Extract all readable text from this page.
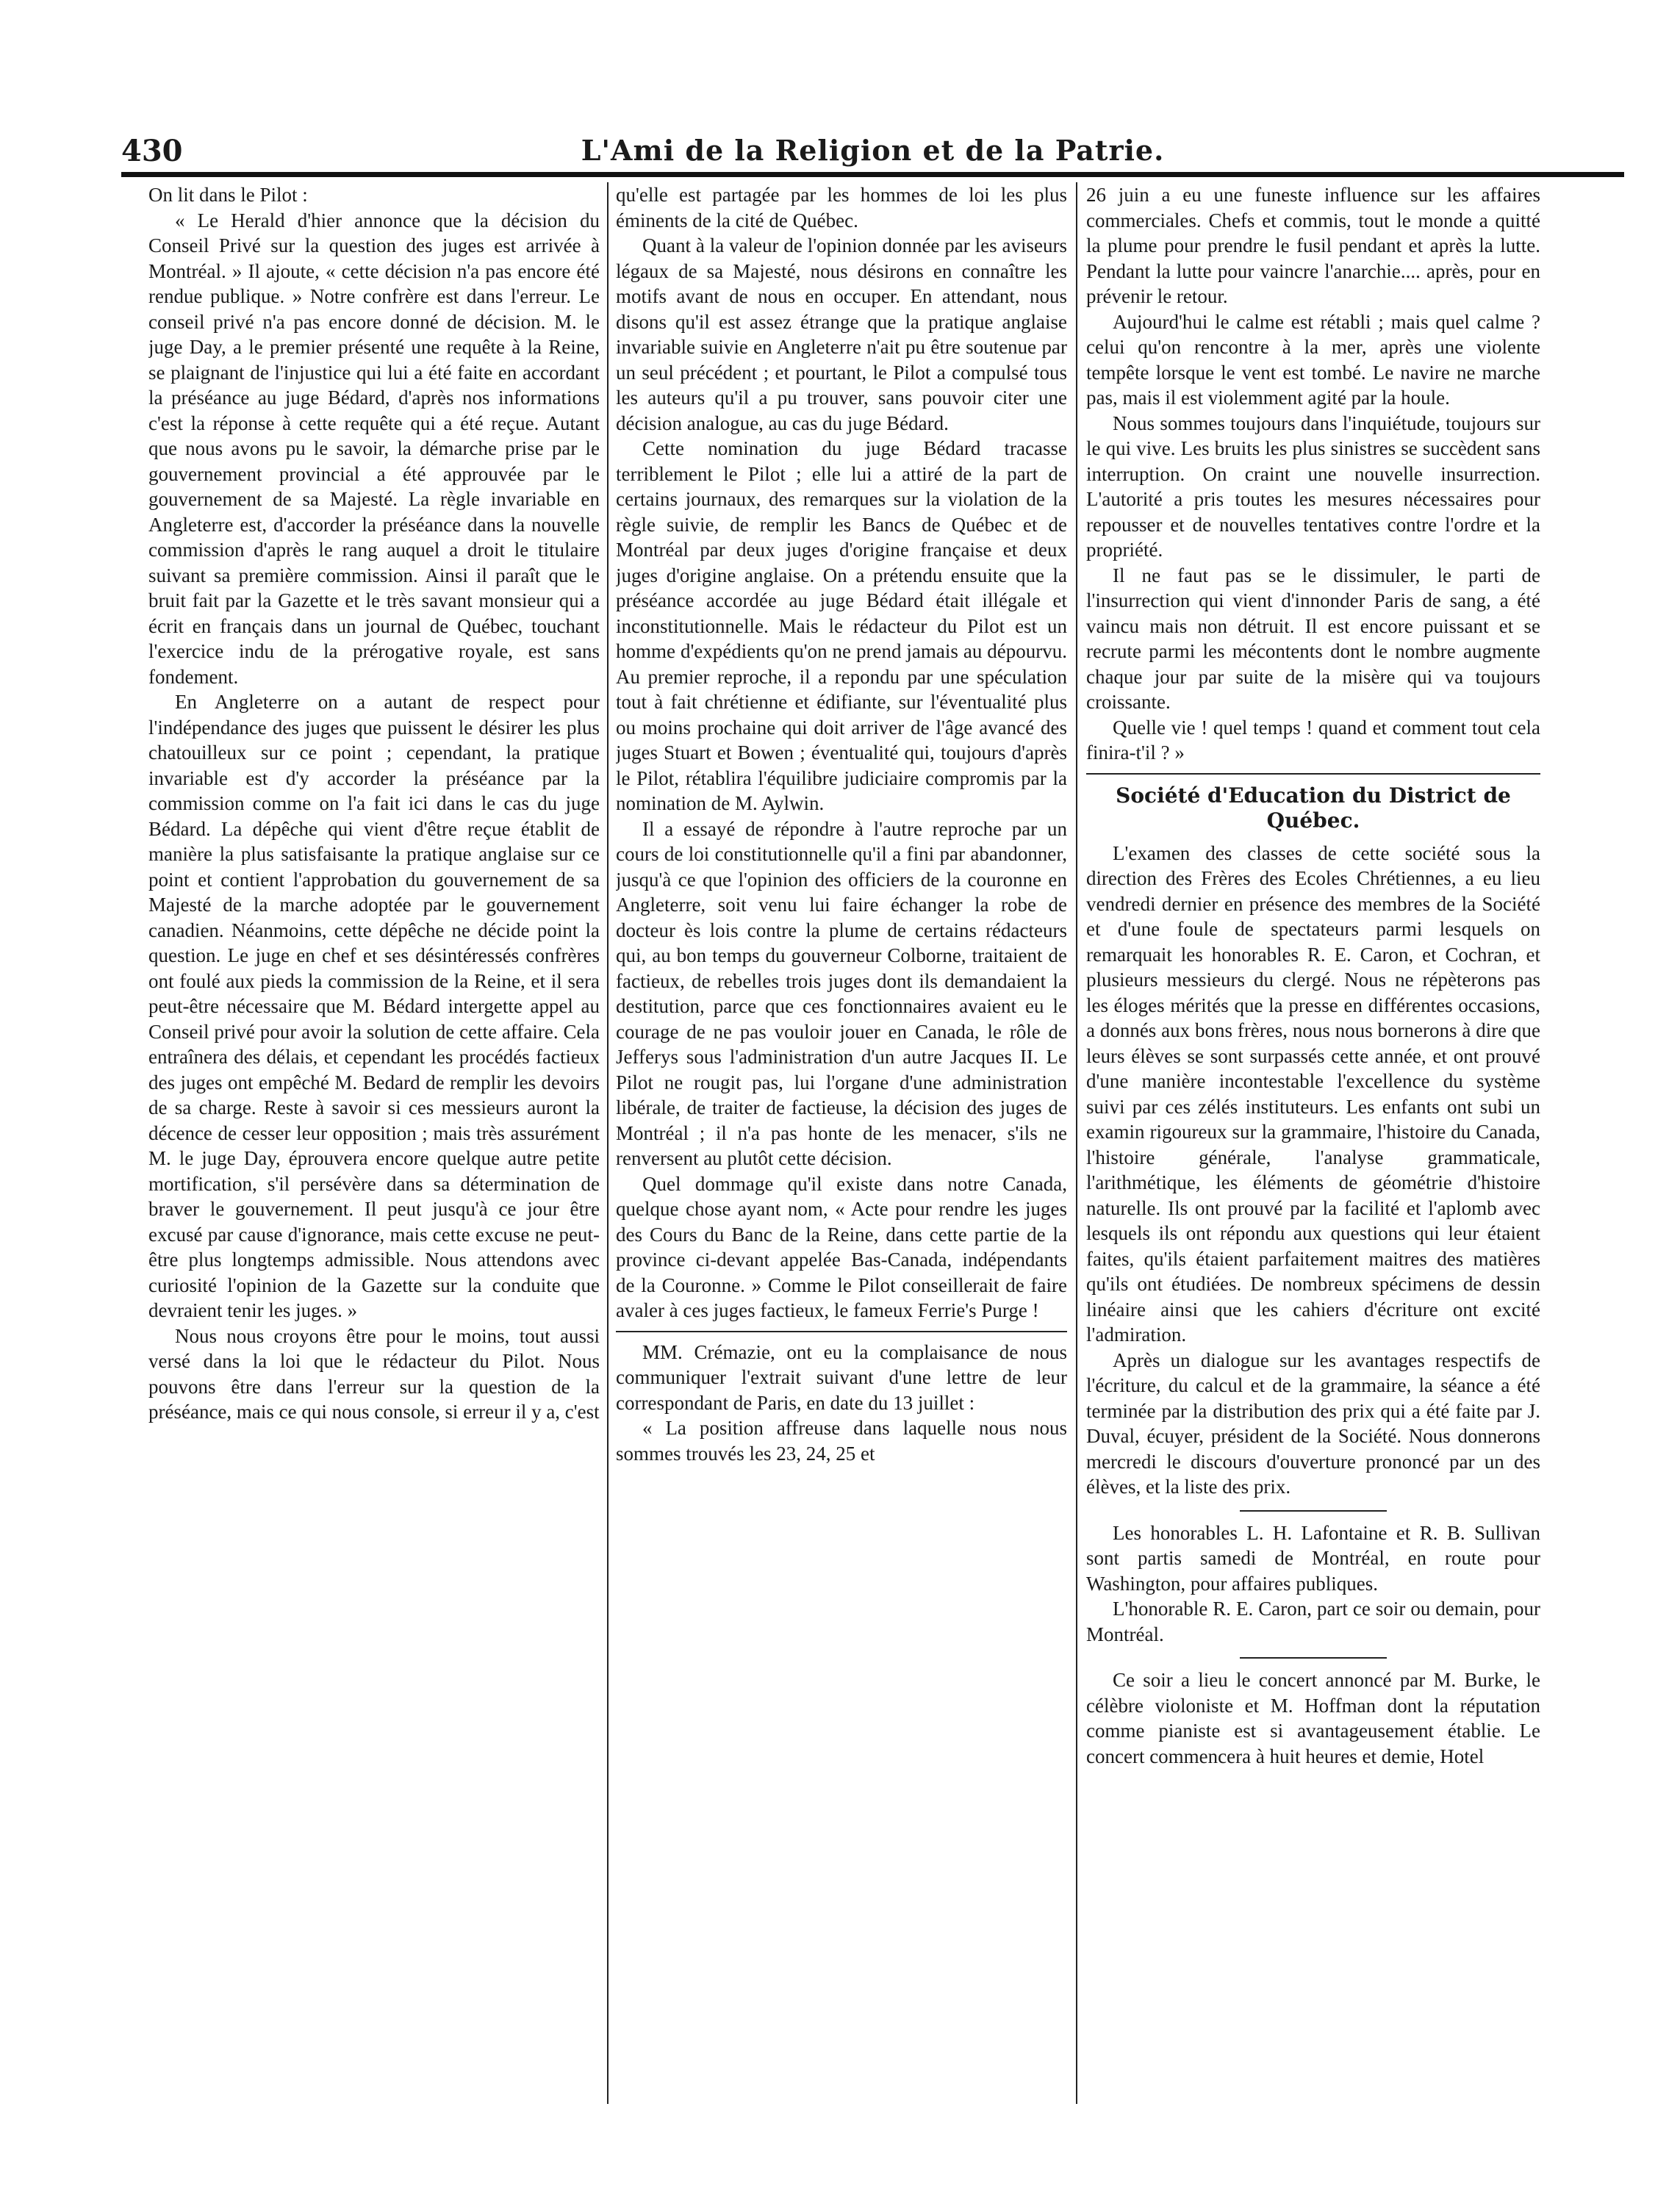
430	L'Ami de la Religion et de la Patrie.

On lit dans le Pilot :

« Le Herald d'hier annonce que la décision du Conseil Privé sur la question des juges est arrivée à Montréal. » Il ajoute, « cette décision n'a pas encore été rendue publique. » Notre confrère est dans l'erreur. Le conseil privé n'a pas encore donné de décision. M. le juge Day, a le premier présenté une requête à la Reine, se plaignant de l'injustice qui lui a été faite en accordant la préséance au juge Bédard, d'après nos informations c'est la réponse à cette requête qui a été reçue. Autant que nous avons pu le savoir, la démarche prise par le gouvernement provincial a été approuvée par le gouvernement de sa Majesté. La règle invariable en Angleterre est, d'accorder la préséance dans la nouvelle commission d'après le rang auquel a droit le titulaire suivant sa première commission. Ainsi il paraît que le bruit fait par la Gazette et le très savant monsieur qui a écrit en français dans un journal de Québec, touchant l'exercice indu de la prérogative royale, est sans fondement.

En Angleterre on a autant de respect pour l'indépendance des juges que puissent le désirer les plus chatouilleux sur ce point ; cependant, la pratique invariable est d'y accorder la préséance par la commission comme on l'a fait ici dans le cas du juge Bédard. La dépêche qui vient d'être reçue établit de manière la plus satisfaisante la pratique anglaise sur ce point et contient l'approbation du gouvernement de sa Majesté de la marche adoptée par le gouvernement canadien. Néanmoins, cette dépêche ne décide point la question. Le juge en chef et ses désintéressés confrères ont foulé aux pieds la commission de la Reine, et il sera peut-être nécessaire que M. Bédard intergette appel au Conseil privé pour avoir la solution de cette affaire. Cela entraînera des délais, et cependant les procédés factieux des juges ont empêché M. Bedard de remplir les devoirs de sa charge. Reste à savoir si ces messieurs auront la décence de cesser leur opposition ; mais très assurément M. le juge Day, éprouvera encore quelque autre petite mortification, s'il persévère dans sa détermination de braver le gouvernement. Il peut jusqu'à ce jour être excusé par cause d'ignorance, mais cette excuse ne peut-être plus longtemps admissible. Nous attendons avec curiosité l'opinion de la Gazette sur la conduite que devraient tenir les juges. »

Nous nous croyons être pour le moins, tout aussi versé dans la loi que le rédacteur du Pilot. Nous pouvons être dans l'erreur sur la question de la préséance, mais ce qui nous console, si erreur il y a, c'est

qu'elle est partagée par les hommes de loi les plus éminents de la cité de Québec.

Quant à la valeur de l'opinion donnée par les aviseurs légaux de sa Majesté, nous désirons en connaître les motifs avant de nous en occuper. En attendant, nous disons qu'il est assez étrange que la pratique anglaise invariable suivie en Angleterre n'ait pu être soutenue par un seul précédent ; et pourtant, le Pilot a compulsé tous les auteurs qu'il a pu trouver, sans pouvoir citer une décision analogue, au cas du juge Bédard.

Cette nomination du juge Bédard tracasse terriblement le Pilot ; elle lui a attiré de la part de certains journaux, des remarques sur la violation de la règle suivie, de remplir les Bancs de Québec et de Montréal par deux juges d'origine française et deux juges d'origine anglaise. On a prétendu ensuite que la préséance accordée au juge Bédard était illégale et inconstitutionnelle. Mais le rédacteur du Pilot est un homme d'expédients qu'on ne prend jamais au dépourvu. Au premier reproche, il a repondu par une spéculation tout à fait chrétienne et édifiante, sur l'éventualité plus ou moins prochaine qui doit arriver de l'âge avancé des juges Stuart et Bowen ; éventualité qui, toujours d'après le Pilot, rétablira l'équilibre judiciaire compromis par la nomination de M. Aylwin.

Il a essayé de répondre à l'autre reproche par un cours de loi constitutionnelle qu'il a fini par abandonner, jusqu'à ce que l'opinion des officiers de la couronne en Angleterre, soit venu lui faire échanger la robe de docteur ès lois contre la plume de certains rédacteurs qui, au bon temps du gouverneur Colborne, traitaient de factieux, de rebelles trois juges dont ils demandaient la destitution, parce que ces fonctionnaires avaient eu le courage de ne pas vouloir jouer en Canada, le rôle de Jefferys sous l'administration d'un autre Jacques II. Le Pilot ne rougit pas, lui l'organe d'une administration libérale, de traiter de factieuse, la décision des juges de Montréal ; il n'a pas honte de les menacer, s'ils ne renversent au plutôt cette décision.

Quel dommage qu'il existe dans notre Canada, quelque chose ayant nom, « Acte pour rendre les juges des Cours du Banc de la Reine, dans cette partie de la province ci-devant appelée Bas-Canada, indépendants de la Couronne. » Comme le Pilot conseillerait de faire avaler à ces juges factieux, le fameux Ferrie's Purge !

MM. Crémazie, ont eu la complaisance de nous communiquer l'extrait suivant d'une lettre de leur correspondant de Paris, en date du 13 juillet :

« La position affreuse dans laquelle nous nous sommes trouvés les 23, 24, 25 et

26 juin a eu une funeste influence sur les affaires commerciales. Chefs et commis, tout le monde a quitté la plume pour prendre le fusil pendant et après la lutte. Pendant la lutte pour vaincre l'anarchie.... après, pour en prévenir le retour.

Aujourd'hui le calme est rétabli ; mais quel calme ? celui qu'on rencontre à la mer, après une violente tempête lorsque le vent est tombé. Le navire ne marche pas, mais il est violemment agité par la houle.

Nous sommes toujours dans l'inquiétude, toujours sur le qui vive. Les bruits les plus sinistres se succèdent sans interruption. On craint une nouvelle insurrection. L'autorité a pris toutes les mesures nécessaires pour repousser et de nouvelles tentatives contre l'ordre et la propriété.

Il ne faut pas se le dissimuler, le parti de l'insurrection qui vient d'innonder Paris de sang, a été vaincu mais non détruit. Il est encore puissant et se recrute parmi les mécontents dont le nombre augmente chaque jour par suite de la misère qui va toujours croissante.

Quelle vie ! quel temps ! quand et comment tout cela finira-t'il ? »

Société d'Education du District de Québec.

L'examen des classes de cette société sous la direction des Frères des Ecoles Chrétiennes, a eu lieu vendredi dernier en présence des membres de la Société et d'une foule de spectateurs parmi lesquels on remarquait les honorables R. E. Caron, et Cochran, et plusieurs messieurs du clergé. Nous ne répèterons pas les éloges mérités que la presse en différentes occasions, a donnés aux bons frères, nous nous bornerons à dire que leurs élèves se sont surpassés cette année, et ont prouvé d'une manière incontestable l'excellence du système suivi par ces zélés instituteurs. Les enfants ont subi un examin rigoureux sur la grammaire, l'histoire du Canada, l'histoire générale, l'analyse grammaticale, l'arithmétique, les éléments de géométrie d'histoire naturelle. Ils ont prouvé par la facilité et l'aplomb avec lesquels ils ont répondu aux questions qui leur étaient faites, qu'ils étaient parfaitement maitres des matières qu'ils ont étudiées. De nombreux spécimens de dessin linéaire ainsi que les cahiers d'écriture ont excité l'admiration.

Après un dialogue sur les avantages respectifs de l'écriture, du calcul et de la grammaire, la séance a été terminée par la distribution des prix qui a été faite par J. Duval, écuyer, président de la Société. Nous donnerons mercredi le discours d'ouverture prononcé par un des élèves, et la liste des prix.

Les honorables L. H. Lafontaine et R. B. Sullivan sont partis samedi de Montréal, en route pour Washington, pour affaires publiques.

L'honorable R. E. Caron, part ce soir ou demain, pour Montréal.

Ce soir a lieu le concert annoncé par M. Burke, le célèbre violoniste et M. Hoffman dont la réputation comme pianiste est si avantageusement établie. Le concert commencera à huit heures et demie, Hotel
